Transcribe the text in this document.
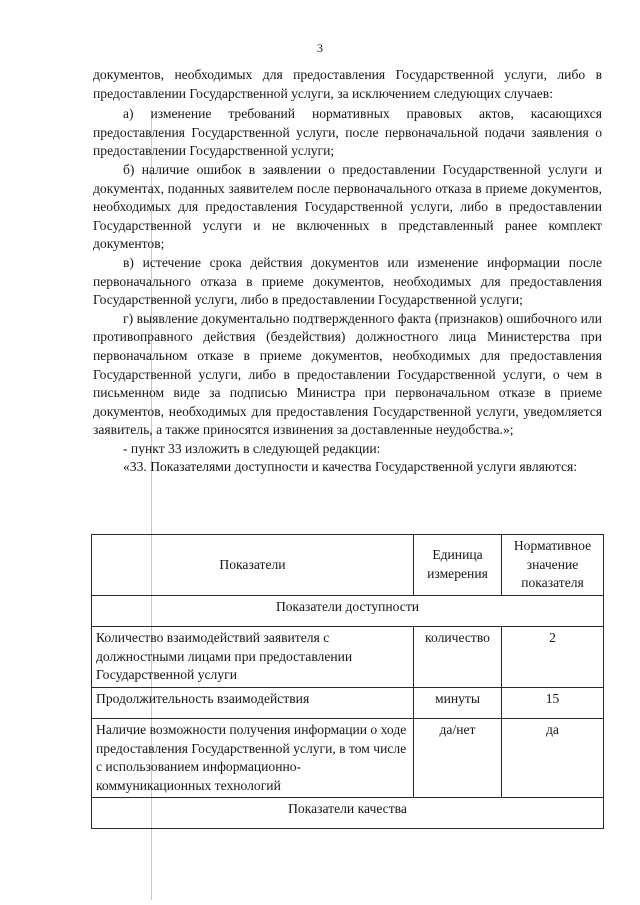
3

документов, необходимых для предоставления Государственной услуги, либо в предоставлении Государственной услуги, за исключением следующих случаев:

а) изменение требований нормативных правовых актов, касающихся предоставления Государственной услуги, после первоначальной подачи заявления о предоставлении Государственной услуги;

б) наличие ошибок в заявлении о предоставлении Государственной услуги и документах, поданных заявителем после первоначального отказа в приеме документов, необходимых для предоставления Государственной услуги, либо в предоставлении Государственной услуги и не включенных в представленный ранее комплект документов;

в) истечение срока действия документов или изменение информации после первоначального отказа в приеме документов, необходимых для предоставления Государственной услуги, либо в предоставлении Государственной услуги;

г) выявление документально подтвержденного факта (признаков) ошибочного или противоправного действия (бездействия) должностного лица Министерства при первоначальном отказе в приеме документов, необходимых для предоставления Государственной услуги, либо в предоставлении Государственной услуги, о чем в письменном виде за подписью Министра при первоначальном отказе в приеме документов, необходимых для предоставления Государственной услуги, уведомляется заявитель, а также приносятся извинения за доставленные неудобства.»;

- пункт 33 изложить в следующей редакции:

«33. Показателями доступности и качества Государственной услуги являются:

Показатели	Единица измерения	Нормативное значение показателя
Показатели доступности		
Количество взаимодействий заявителя с должностными лицами при предоставлении Государственной услуги	количество	2
Продолжительность взаимодействия	минуты	15
Наличие возможности получения информации о ходе предоставления Государственной услуги, в том числе с использованием информационно-коммуникационных технологий	да/нет	да
Показатели качества		
